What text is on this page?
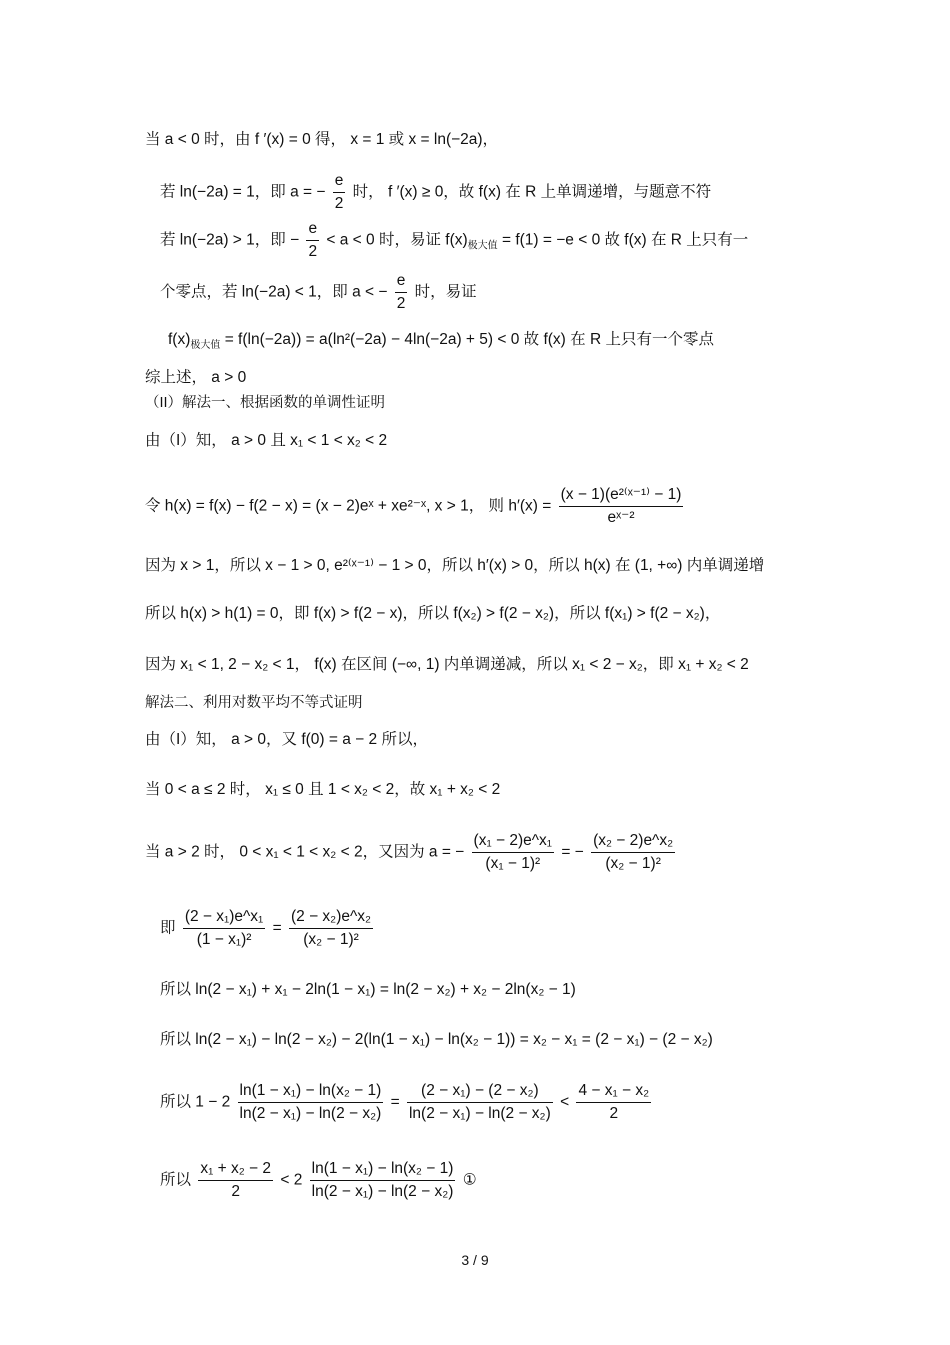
当 a < 0 时，由 f ′(x) = 0 得， x = 1 或 x = ln(−2a)，
若 ln(−2a) = 1，即 a = − $\frac{e}{2}$ 时， f ′(x) ≥ 0，故 f(x) 在 R 上单调递增，与题意不符
若 ln(−2a) > 1，即 − $\frac{e}{2} < a < 0$ 时，易证 $f(x)_{极大值} = f(1) = -e < 0$ 故 f(x) 在 R 上只有一
个零点，若 ln(−2a) < 1，即 a < − $\frac{e}{2}$ 时，易证
$f(x)_{极大值} = f(\ln(-2a)) = a(\ln^2(-2a) - 4\ln(-2a) + 5) < 0$ 故 f(x) 在 R 上只有一个零点
综上述， a > 0
（II）解法一、根据函数的单调性证明
由（I）知， a > 0 且 x₁ < 1 < x₂ < 2
令 h(x) = f(x) − f(2 − x) = (x − 2)eˣ + xe²⁻ˣ, x > 1， 则 $h'(x) = \frac{\text{(x − 1)(e²⁽ˣ⁻¹⁾ − 1)}}{\text{eˣ⁻²}}$
因为 x > 1，所以 x − 1 > 0, e²⁽ˣ⁻¹⁾ − 1 > 0，所以 h′(x) > 0，所以 h(x) 在 (1, +∞) 内单调递增
所以 h(x) > h(1) = 0，即 f(x) > f(2 − x)，所以 f(x₂) > f(2 − x₂)，所以 f(x₁) > f(2 − x₂)，
因为 x₁ < 1, 2 − x₂ < 1， f(x) 在区间 (−∞, 1) 内单调递减，所以 x₁ < 2 − x₂，即 x₁ + x₂ < 2
解法二、利用对数平均不等式证明
由（I）知， a > 0，又 f(0) = a − 2 所以，
当 0 < a ≤ 2 时， x₁ ≤ 0 且 1 < x₂ < 2，故 x₁ + x₂ < 2
当 a > 2 时， 0 < x₁ < 1 < x₂ < 2，又因为 a = − $\frac{\text{(x₁ − 2)e\textasciicircum{}x₁}}{\text{(x₁ − 1)²}}$ = − $\frac{\text{(x₂ − 2)e\textasciicircum{}x₂}}{\text{(x₂ − 1)²}}$
即 $\frac{\text{(2 − x₁)e\textasciicircum{}x₁}}{\text{(1 − x₁)²}} = \frac{\text{(2 − x₂)e\textasciicircum{}x₂}}{\text{(x₂ − 1)²}}$
所以 ln(2 − x₁) + x₁ − 2ln(1 − x₁) = ln(2 − x₂) + x₂ − 2ln(x₂ − 1)
所以 ln(2 − x₁) − ln(2 − x₂) − 2(ln(1 − x₁) − ln(x₂ − 1)) = x₂ − x₁ = (2 − x₁) − (2 − x₂)
所以 $1 - 2 \frac{\text{ln(1 − x₁) − ln(x₂ − 1)}}{\text{ln(2 − x₁) − ln(2 − x₂)}} = \frac{\text{(2 − x₁) − (2 − x₂)}}{\text{ln(2 − x₁) − ln(2 − x₂)}} < \frac{\text{4 − x₁ − x₂}}{2}$
所以 $\frac{\text{x₁ + x₂ − 2}}{2} < 2 \frac{\text{ln(1 − x₁) − ln(x₂ − 1)}}{\text{ln(2 − x₁) − ln(2 − x₂)}}$ ①
3 / 9
